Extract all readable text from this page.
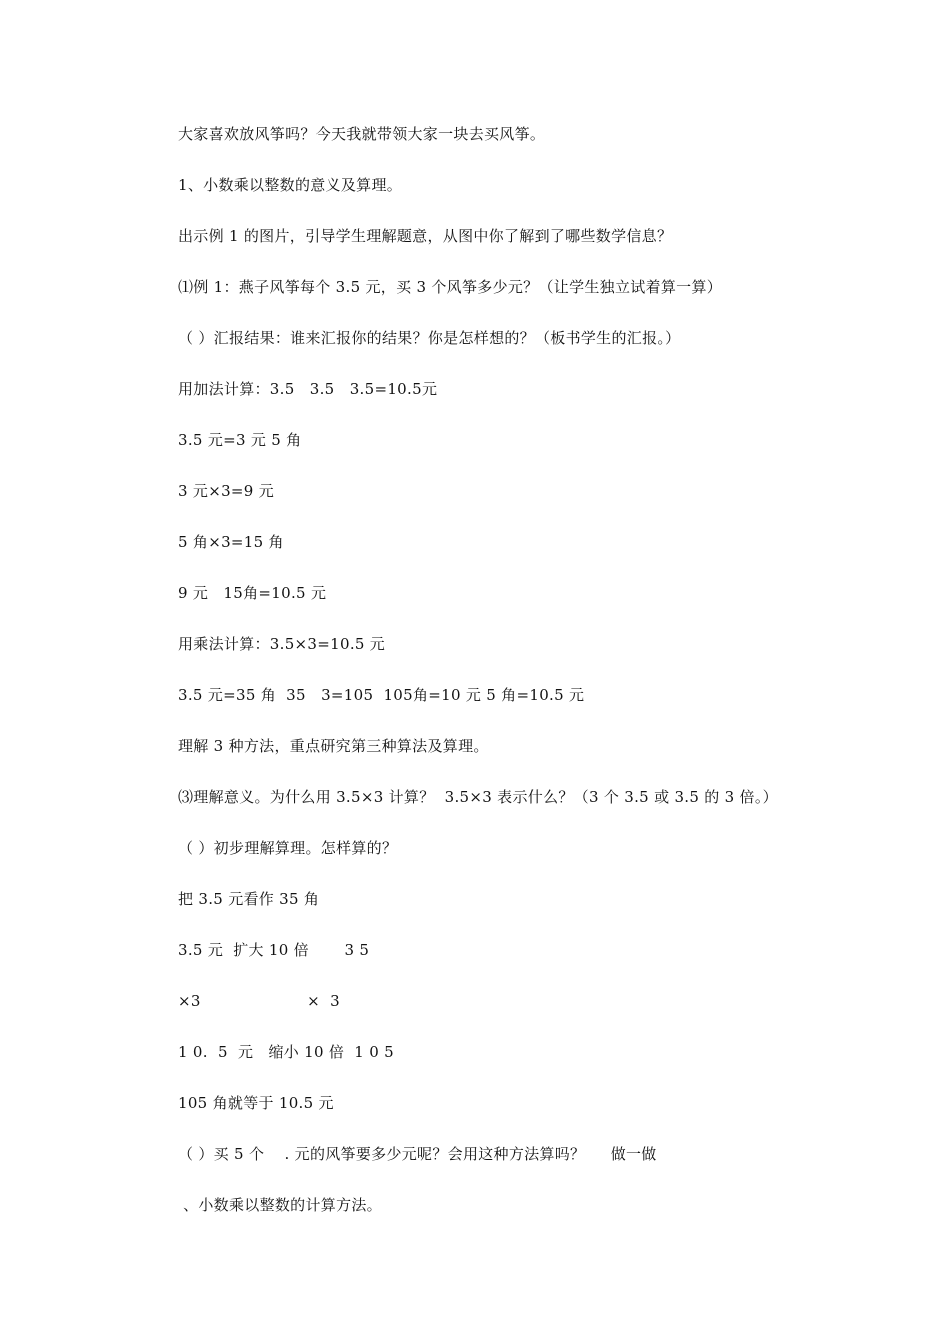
大家喜欢放风筝吗？今天我就带领大家一块去买风筝。
1、小数乘以整数的意义及算理。
出示例 1 的图片，引导学生理解题意，从图中你了解到了哪些数学信息？
⑴例 1：燕子风筝每个 3.5 元，买 3 个风筝多少元？（让学生独立试着算一算）
（ ）汇报结果：谁来汇报你的结果？你是怎样想的？（板书学生的汇报。）
用加法计算：3.5   3.5   3.5=10.5元
3.5 元=3 元 5 角
3 元×3=9 元
5 角×3=15 角
9 元   15角=10.5 元
用乘法计算：3.5×3=10.5 元
3.5 元=35 角  35   3=105  105角=10 元 5 角=10.5 元
理解 3 种方法，重点研究第三种算法及算理。
⑶理解意义。为什么用 3.5×3 计算？  3.5×3 表示什么？（3 个 3.5 或 3.5 的 3 倍。）
（ ）初步理解算理。怎样算的？
把 3.5 元看作 35 角
3.5 元  扩大 10 倍       3 5
×3                     ×  3
1 0.  5  元   缩小 10 倍  1 0 5
105 角就等于 10.5 元
（ ）买 5 个    . 元的风筝要多少元呢？会用这种方法算吗？     做一做
、小数乘以整数的计算方法。
